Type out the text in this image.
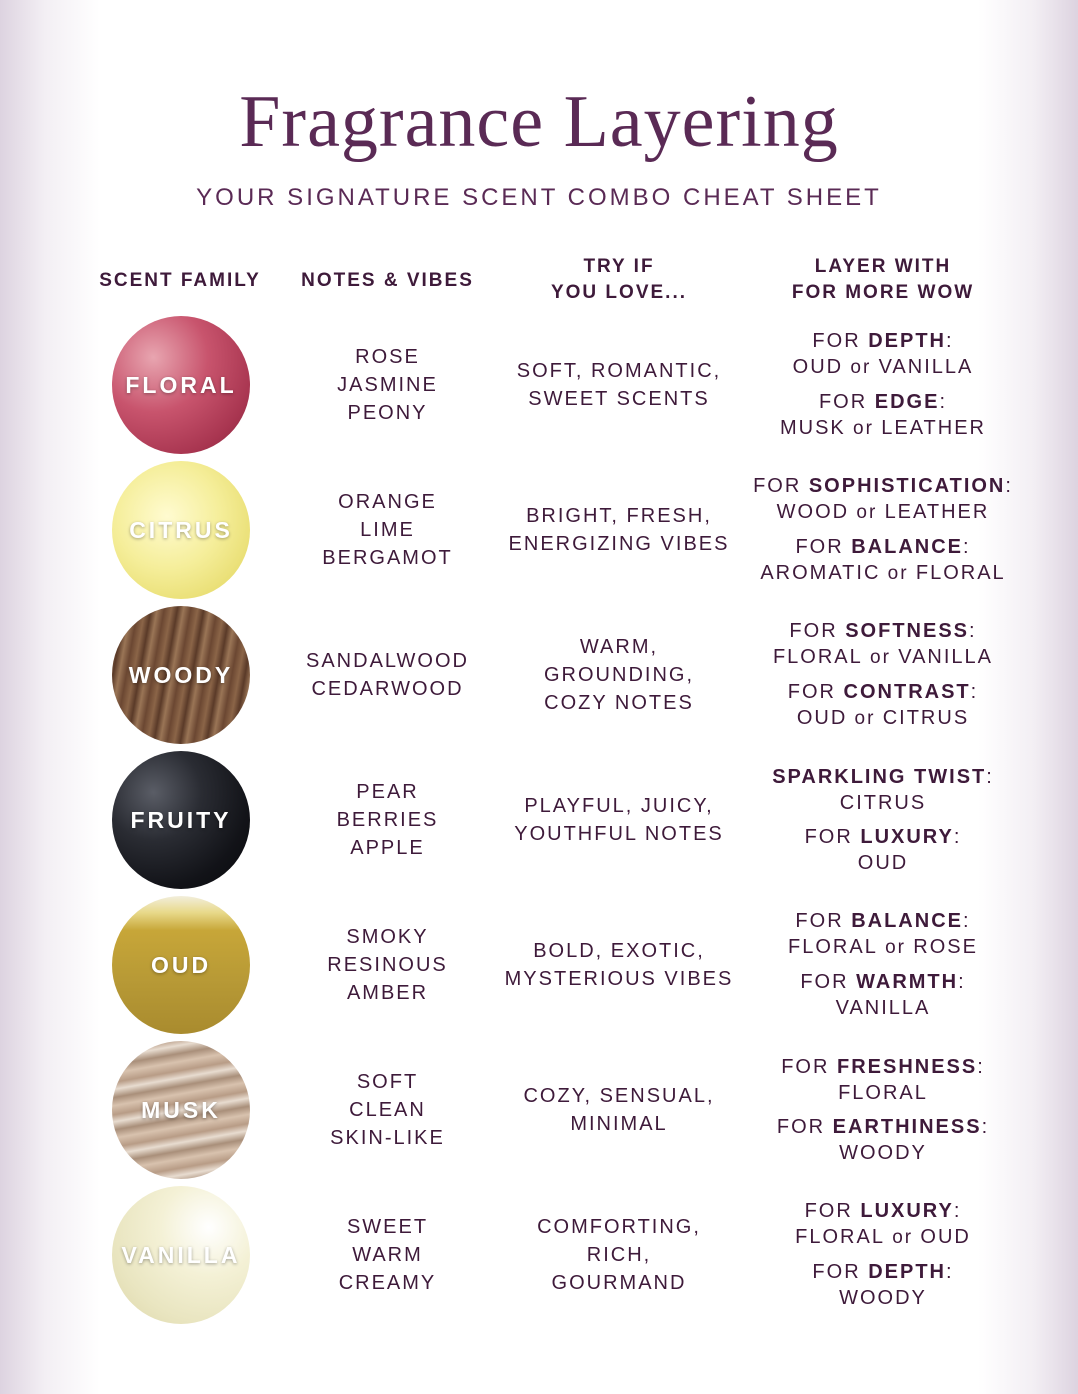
Fragrance Layering
YOUR SIGNATURE SCENT COMBO CHEAT SHEET
SCENT FAMILY	NOTES & VIBES
TRY IF
YOU LOVE...
LAYER WITH
FOR MORE WOW
FLORAL
ROSE
JASMINE
PEONY
SOFT, ROMANTIC,
SWEET SCENTS
FOR DEPTH:
OUD or VANILLA
FOR EDGE:
MUSK or LEATHER
CITRUS
ORANGE
LIME
BERGAMOT
BRIGHT, FRESH,
ENERGIZING VIBES
FOR SOPHISTICATION:
WOOD or LEATHER
FOR BALANCE:
AROMATIC or FLORAL
WOODY
SANDALWOOD
CEDARWOOD
WARM,
GROUNDING,
COZY NOTES
FOR SOFTNESS:
FLORAL or VANILLA
FOR CONTRAST:
OUD or CITRUS
FRUITY
PEAR
BERRIES
APPLE
PLAYFUL, JUICY,
YOUTHFUL NOTES
SPARKLING TWIST:
CITRUS
FOR LUXURY:
OUD
OUD
SMOKY
RESINOUS
AMBER
BOLD, EXOTIC,
MYSTERIOUS VIBES
FOR BALANCE:
FLORAL or ROSE
FOR WARMTH:
VANILLA
MUSK
SOFT
CLEAN
SKIN-LIKE
COZY, SENSUAL,
MINIMAL
FOR FRESHNESS:
FLORAL
FOR EARTHINESS:
WOODY
VANILLA
SWEET
WARM
CREAMY
COMFORTING,
RICH,
GOURMAND
FOR LUXURY:
FLORAL or OUD
FOR DEPTH:
WOODY
